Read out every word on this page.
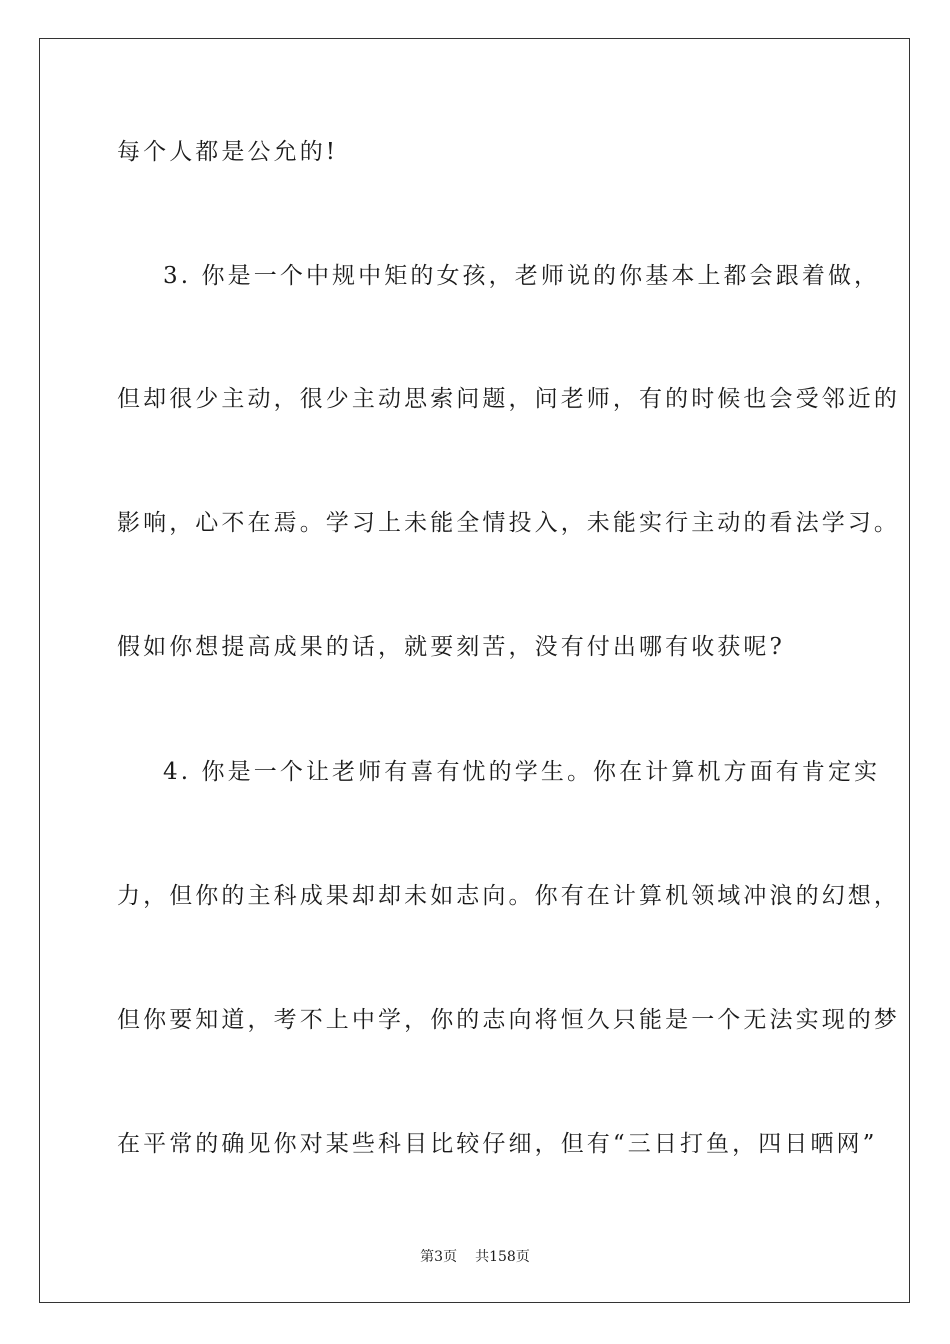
每个人都是公允的!
3. 你是一个中规中矩的女孩，老师说的你基本上都会跟着做，
但却很少主动，很少主动思索问题，问老师，有的时候也会受邻近的
影响，心不在焉。学习上未能全情投入，未能实行主动的看法学习。
假如你想提高成果的话，就要刻苦，没有付出哪有收获呢?
4. 你是一个让老师有喜有忧的学生。你在计算机方面有肯定实
力，但你的主科成果却却未如志向。你有在计算机领域冲浪的幻想，
但你要知道，考不上中学，你的志向将恒久只能是一个无法实现的梦
在平常的确见你对某些科目比较仔细，但有“三日打鱼，四日晒网”
第3页 共158页
